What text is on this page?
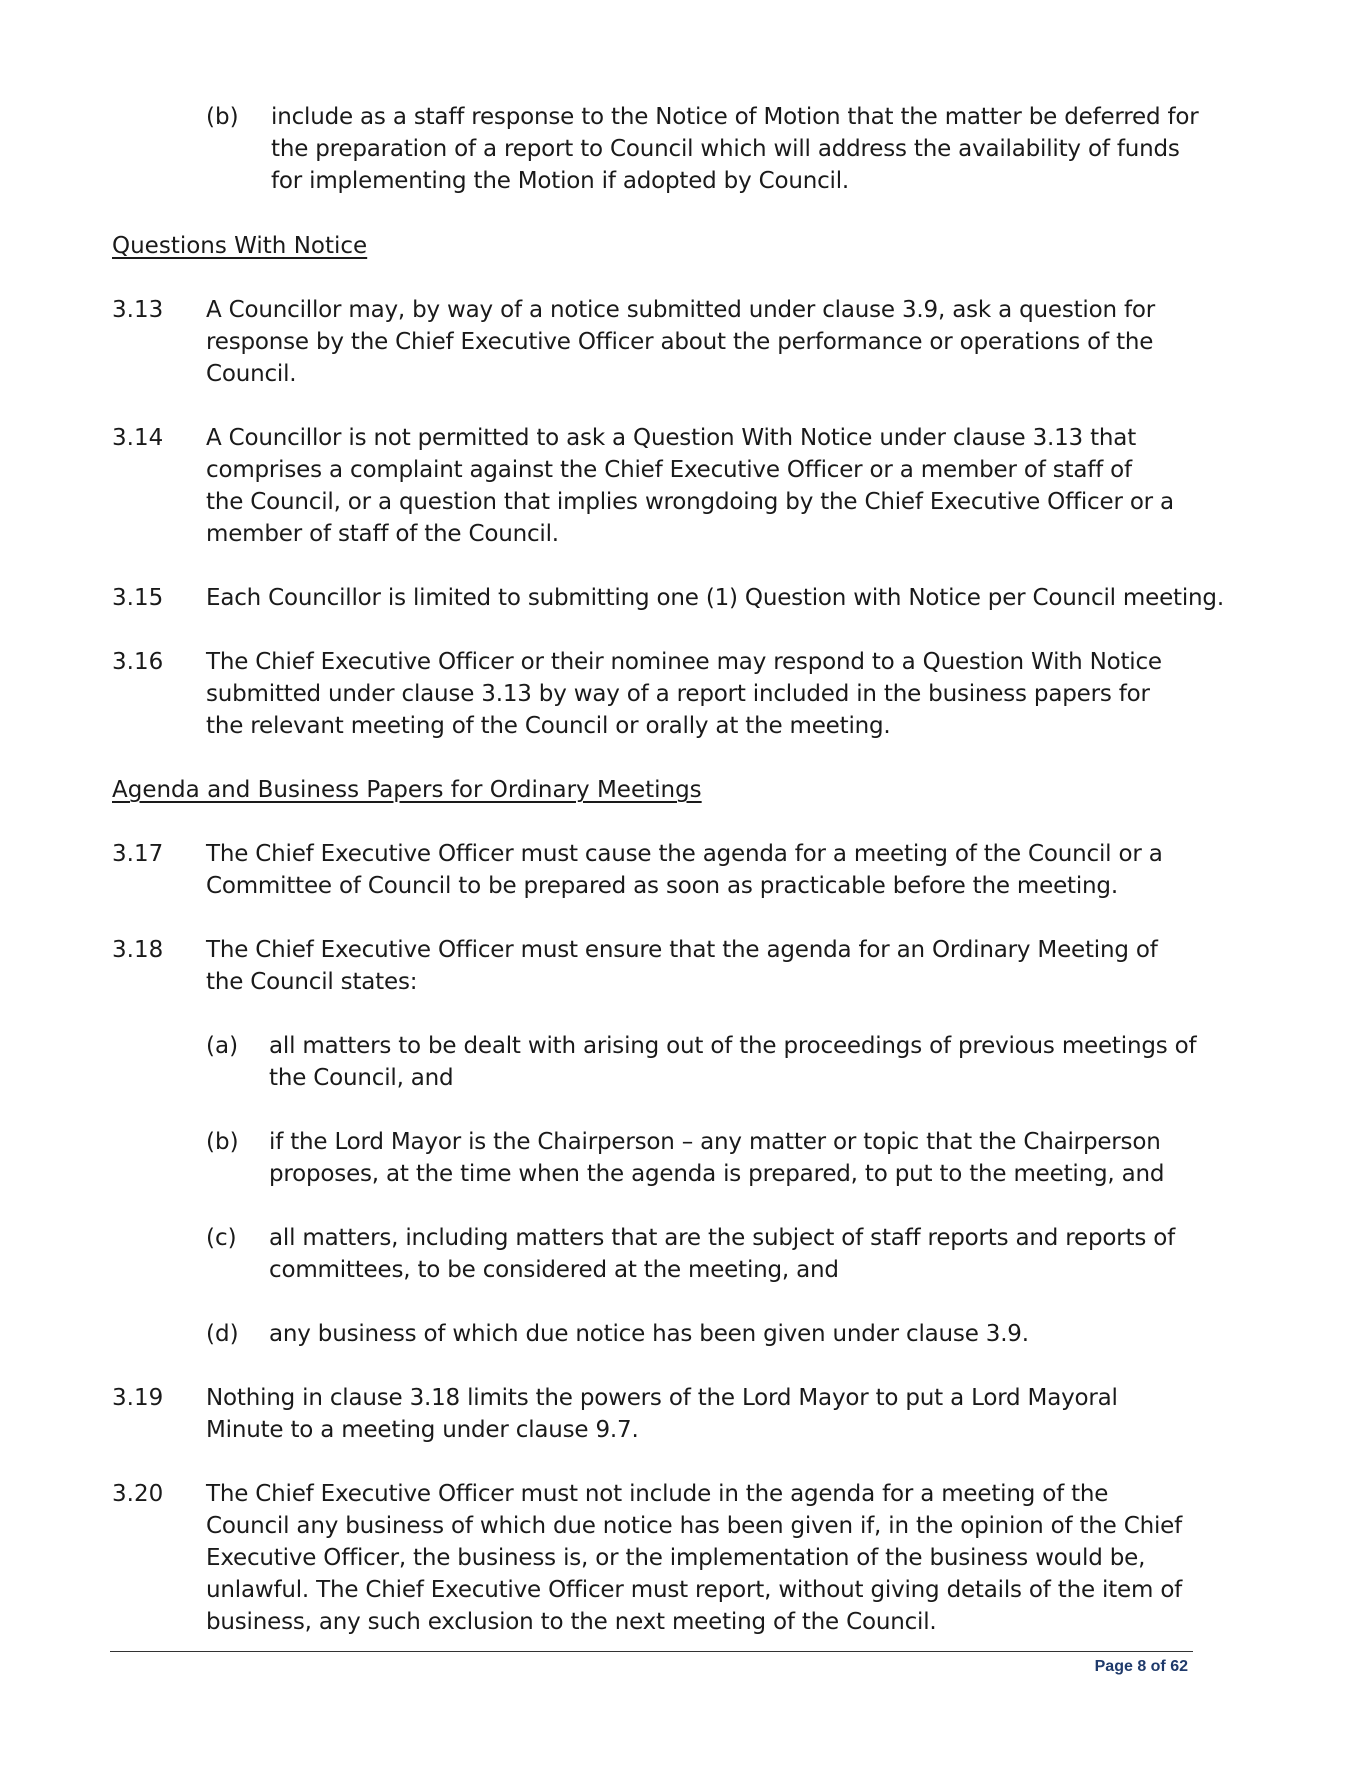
(b) include as a staff response to the Notice of Motion that the matter be deferred for the preparation of a report to Council which will address the availability of funds for implementing the Motion if adopted by Council.
Questions With Notice
3.13 A Councillor may, by way of a notice submitted under clause 3.9, ask a question for response by the Chief Executive Officer about the performance or operations of the Council.
3.14 A Councillor is not permitted to ask a Question With Notice under clause 3.13 that comprises a complaint against the Chief Executive Officer or a member of staff of the Council, or a question that implies wrongdoing by the Chief Executive Officer or a member of staff of the Council.
3.15 Each Councillor is limited to submitting one (1) Question with Notice per Council meeting.
3.16 The Chief Executive Officer or their nominee may respond to a Question With Notice submitted under clause 3.13 by way of a report included in the business papers for the relevant meeting of the Council or orally at the meeting.
Agenda and Business Papers for Ordinary Meetings
3.17 The Chief Executive Officer must cause the agenda for a meeting of the Council or a Committee of Council to be prepared as soon as practicable before the meeting.
3.18 The Chief Executive Officer must ensure that the agenda for an Ordinary Meeting of the Council states:
(a) all matters to be dealt with arising out of the proceedings of previous meetings of the Council, and
(b) if the Lord Mayor is the Chairperson – any matter or topic that the Chairperson proposes, at the time when the agenda is prepared, to put to the meeting, and
(c) all matters, including matters that are the subject of staff reports and reports of committees, to be considered at the meeting, and
(d) any business of which due notice has been given under clause 3.9.
3.19 Nothing in clause 3.18 limits the powers of the Lord Mayor to put a Lord Mayoral Minute to a meeting under clause 9.7.
3.20 The Chief Executive Officer must not include in the agenda for a meeting of the Council any business of which due notice has been given if, in the opinion of the Chief Executive Officer, the business is, or the implementation of the business would be, unlawful. The Chief Executive Officer must report, without giving details of the item of business, any such exclusion to the next meeting of the Council.
Page 8 of 62
